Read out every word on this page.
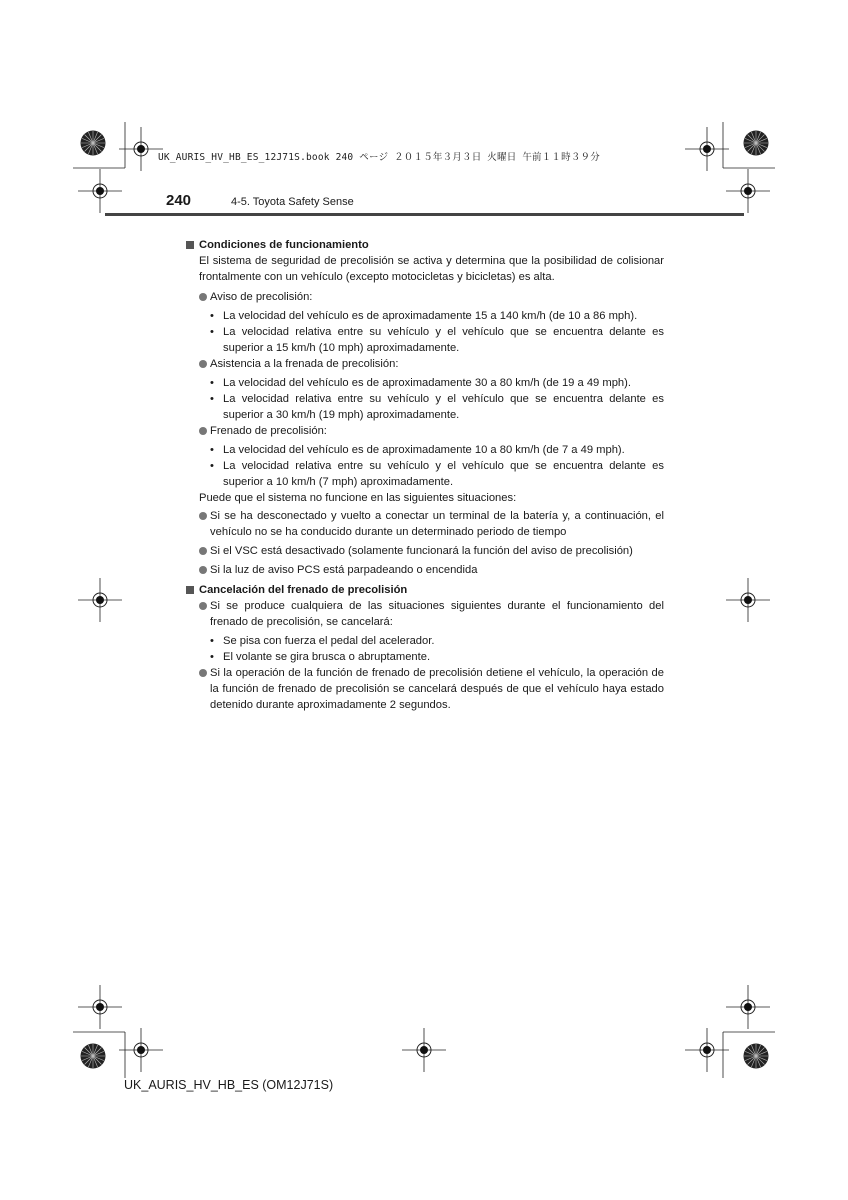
UK_AURIS_HV_HB_ES_12J71S.book 240 ページ ２０１５年３月３日 火曜日 午前１１時３９分
240	4-5. Toyota Safety Sense

Condiciones de funcionamiento

El sistema de seguridad de precolisión se activa y determina que la posibilidad de colisionar frontalmente con un vehículo (excepto motocicletas y bicicletas) es alta.

Aviso de precolisión:
• La velocidad del vehículo es de aproximadamente 15 a 140 km/h (de 10 a 86 mph).
• La velocidad relativa entre su vehículo y el vehículo que se encuentra delante es superior a 15 km/h (10 mph) aproximadamente.
Asistencia a la frenada de precolisión:
• La velocidad del vehículo es de aproximadamente 30 a 80 km/h (de 19 a 49 mph).
• La velocidad relativa entre su vehículo y el vehículo que se encuentra delante es superior a 30 km/h (19 mph) aproximadamente.
Frenado de precolisión:
• La velocidad del vehículo es de aproximadamente 10 a 80 km/h (de 7 a 49 mph).
• La velocidad relativa entre su vehículo y el vehículo que se encuentra delante es superior a 10 km/h (7 mph) aproximadamente.

Puede que el sistema no funcione en las siguientes situaciones:

Si se ha desconectado y vuelto a conectar un terminal de la batería y, a continuación, el vehículo no se ha conducido durante un determinado periodo de tiempo
Si el VSC está desactivado (solamente funcionará la función del aviso de precolisión)
Si la luz de aviso PCS está parpadeando o encendida

Cancelación del frenado de precolisión

Si se produce cualquiera de las situaciones siguientes durante el funcionamiento del frenado de precolisión, se cancelará:
• Se pisa con fuerza el pedal del acelerador.
• El volante se gira brusca o abruptamente.
Si la operación de la función de frenado de precolisión detiene el vehículo, la operación de la función de frenado de precolisión se cancelará después de que el vehículo haya estado detenido durante aproximadamente 2 segundos.
UK_AURIS_HV_HB_ES (OM12J71S)
